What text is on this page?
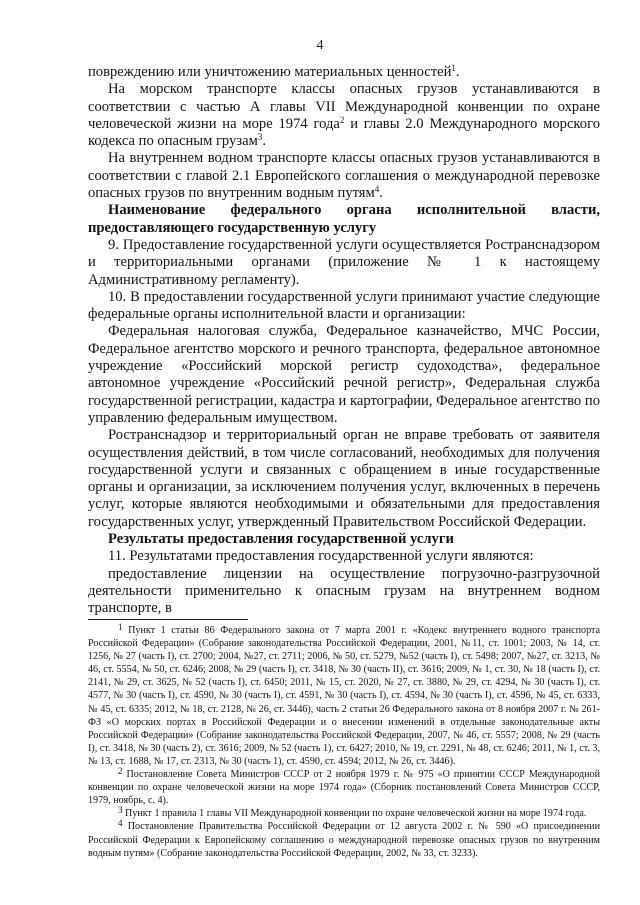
4

повреждению или уничтожению материальных ценностей$^1$.

На морском транспорте классы опасных грузов устанавливаются в соответствии с частью А главы VII Международной конвенции по охране человеческой жизни на море 1974 года$^2$ и главы 2.0 Международного морского кодекса по опасным грузам$^3$.

На внутреннем водном транспорте классы опасных грузов устанавливаются в соответствии с главой 2.1 Европейского соглашения о международной перевозке опасных грузов по внутренним водным путям$^4$.

Наименование федерального органа исполнительной власти, предоставляющего государственную услугу

9. Предоставление государственной услуги осуществляется Ространснадзором и территориальными органами (приложение № 1 к настоящему Административному регламенту).

10. В предоставлении государственной услуги принимают участие следующие федеральные органы исполнительной власти и организации:

Федеральная налоговая служба, Федеральное казначейство, МЧС России, Федеральное агентство морского и речного транспорта, федеральное автономное учреждение «Российский морской регистр судоходства», федеральное автономное учреждение «Российский речной регистр», Федеральная служба государственной регистрации, кадастра и картографии, Федеральное агентство по управлению федеральным имуществом.

Ространснадзор и территориальный орган не вправе требовать от заявителя осуществления действий, в том числе согласований, необходимых для получения государственной услуги и связанных с обращением в иные государственные органы и организации, за исключением получения услуг, включенных в перечень услуг, которые являются необходимыми и обязательными для предоставления государственных услуг, утвержденный Правительством Российской Федерации.

Результаты предоставления государственной услуги

11. Результатами предоставления государственной услуги являются:

предоставление лицензии на осуществление погрузочно-разгрузочной деятельности применительно к опасным грузам на внутреннем водном транспорте, в

1 Пункт 1 статьи 86 Федерального закона от 7 марта 2001 г. «Кодекс внутреннего водного транспорта Российской Федерации» (Собрание законодательства Российской Федерации, 2001, №11, ст. 1001; 2003, № 14, ст. 1256, № 27 (часть I), ст. 2700; 2004, №27, ст. 2711; 2006, № 50, ст. 5279, №52 (часть I), ст. 5498; 2007, №27, ст. 3213, № 46, ст. 5554, № 50, ст. 6246; 2008, № 29 (часть I), ст. 3418, № 30 (часть II), ст. 3616; 2009, № 1, ст. 30, № 18 (часть I), ст. 2141, № 29, ст. 3625, № 52 (часть I), ст. 6450; 2011, № 15, ст. 2020, № 27, ст. 3880, № 29, ст. 4294, № 30 (часть I), ст. 4577, № 30 (часть I), ст. 4590, № 30 (часть I), ст. 4591, № 30 (часть I), ст. 4594, № 30 (часть I), ст. 4596, № 45, ст. 6333, № 45, ст. 6335; 2012, № 18, ст. 2128, № 26, ст. 3446), часть 2 статьи 26 Федерального закона от 8 ноября 2007 г. № 261-ФЗ «О морских портах в Российской Федерации и о внесении изменений в отдельные законодательные акты Российской Федерации» (Собрание законодательства Российской Федерации, 2007, № 46, ст. 5557; 2008, № 29 (часть I), ст. 3418, № 30 (часть 2), ст. 3616; 2009, № 52 (часть 1), ст. 6427; 2010, № 19, ст. 2291, № 48, ст. 6246; 2011, № 1, ст. 3, № 13, ст. 1688, № 17, ст. 2313, № 30 (часть 1), ст. 4590, ст. 4594; 2012, № 26, ст. 3446).

2 Постановление Совета Министров СССР от 2 ноября 1979 г. № 975 «О принятии СССР Международной конвенции по охране человеческой жизни на море 1974 года» (Сборник постановлений Совета Министров СССР, 1979, ноябрь, с. 4).

3 Пункт 1 правила 1 главы VII Международной конвенции по охране человеческой жизни на море 1974 года.

4 Постановление Правительства Российской Федерации от 12 августа 2002 г. № 590 «О присоединении Российской Федерации к Европейскому соглашению о международной перевозке опасных грузов по внутренним водным путям» (Собрание законодательства Российской Федерации, 2002, № 33, ст. 3233).
